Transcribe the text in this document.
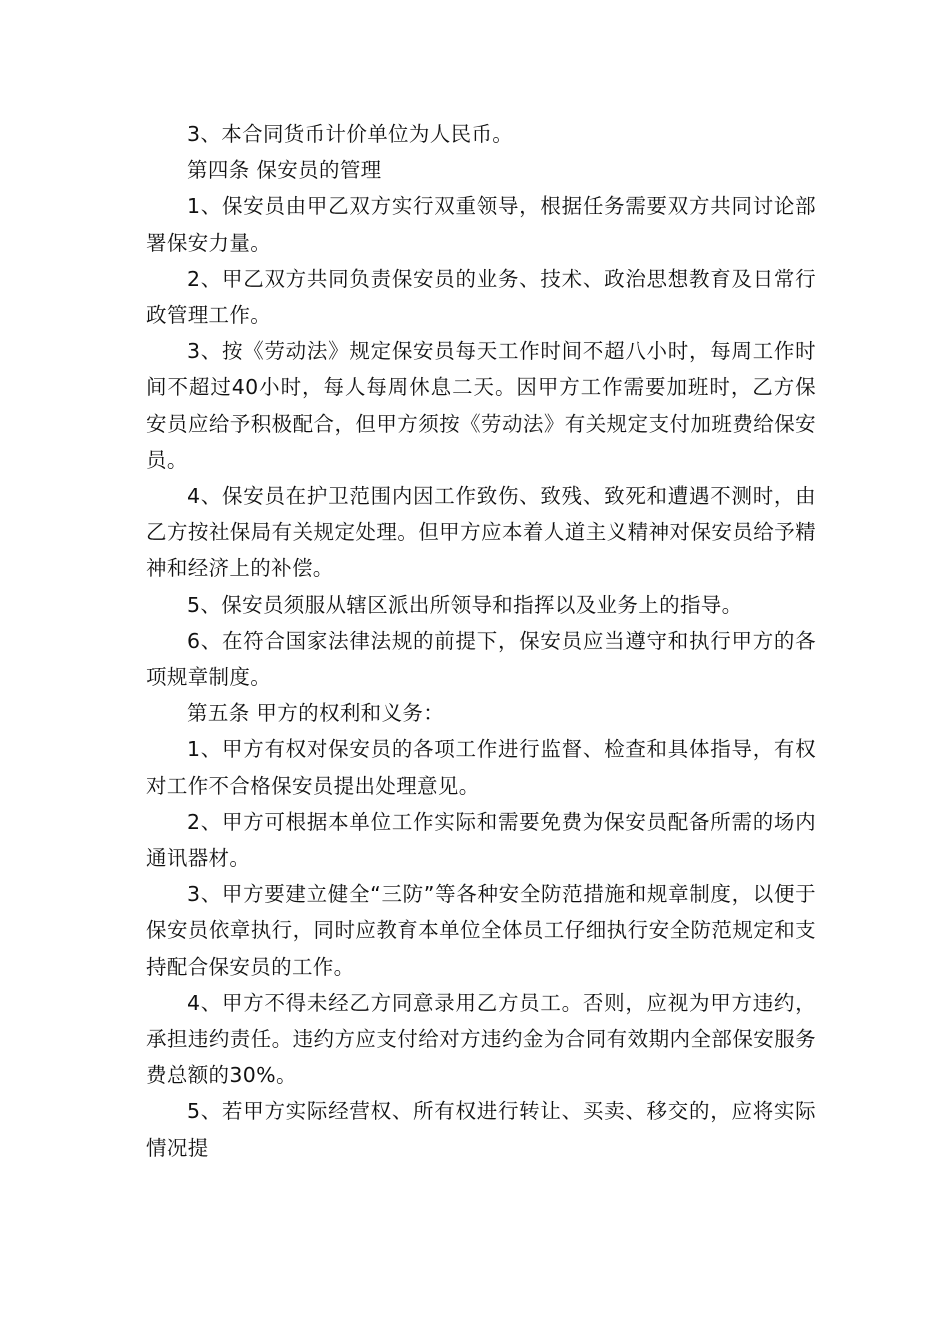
3、本合同货币计价单位为人民币。

第四条 保安员的管理

1、保安员由甲乙双方实行双重领导，根据任务需要双方共同讨论部署保安力量。

2、甲乙双方共同负责保安员的业务、技术、政治思想教育及日常行政管理工作。

3、按《劳动法》规定保安员每天工作时间不超八小时，每周工作时间不超过40小时，每人每周休息二天。因甲方工作需要加班时，乙方保安员应给予积极配合，但甲方须按《劳动法》有关规定支付加班费给保安员。

4、保安员在护卫范围内因工作致伤、致残、致死和遭遇不测时，由乙方按社保局有关规定处理。但甲方应本着人道主义精神对保安员给予精神和经济上的补偿。

5、保安员须服从辖区派出所领导和指挥以及业务上的指导。

6、在符合国家法律法规的前提下，保安员应当遵守和执行甲方的各项规章制度。

第五条 甲方的权利和义务：

1、甲方有权对保安员的各项工作进行监督、检查和具体指导，有权对工作不合格保安员提出处理意见。

2、甲方可根据本单位工作实际和需要免费为保安员配备所需的场内通讯器材。

3、甲方要建立健全“三防”等各种安全防范措施和规章制度，以便于保安员依章执行，同时应教育本单位全体员工仔细执行安全防范规定和支持配合保安员的工作。

4、甲方不得未经乙方同意录用乙方员工。否则，应视为甲方违约，承担违约责任。违约方应支付给对方违约金为合同有效期内全部保安服务费总额的30%。

5、若甲方实际经营权、所有权进行转让、买卖、移交的，应将实际情况提
